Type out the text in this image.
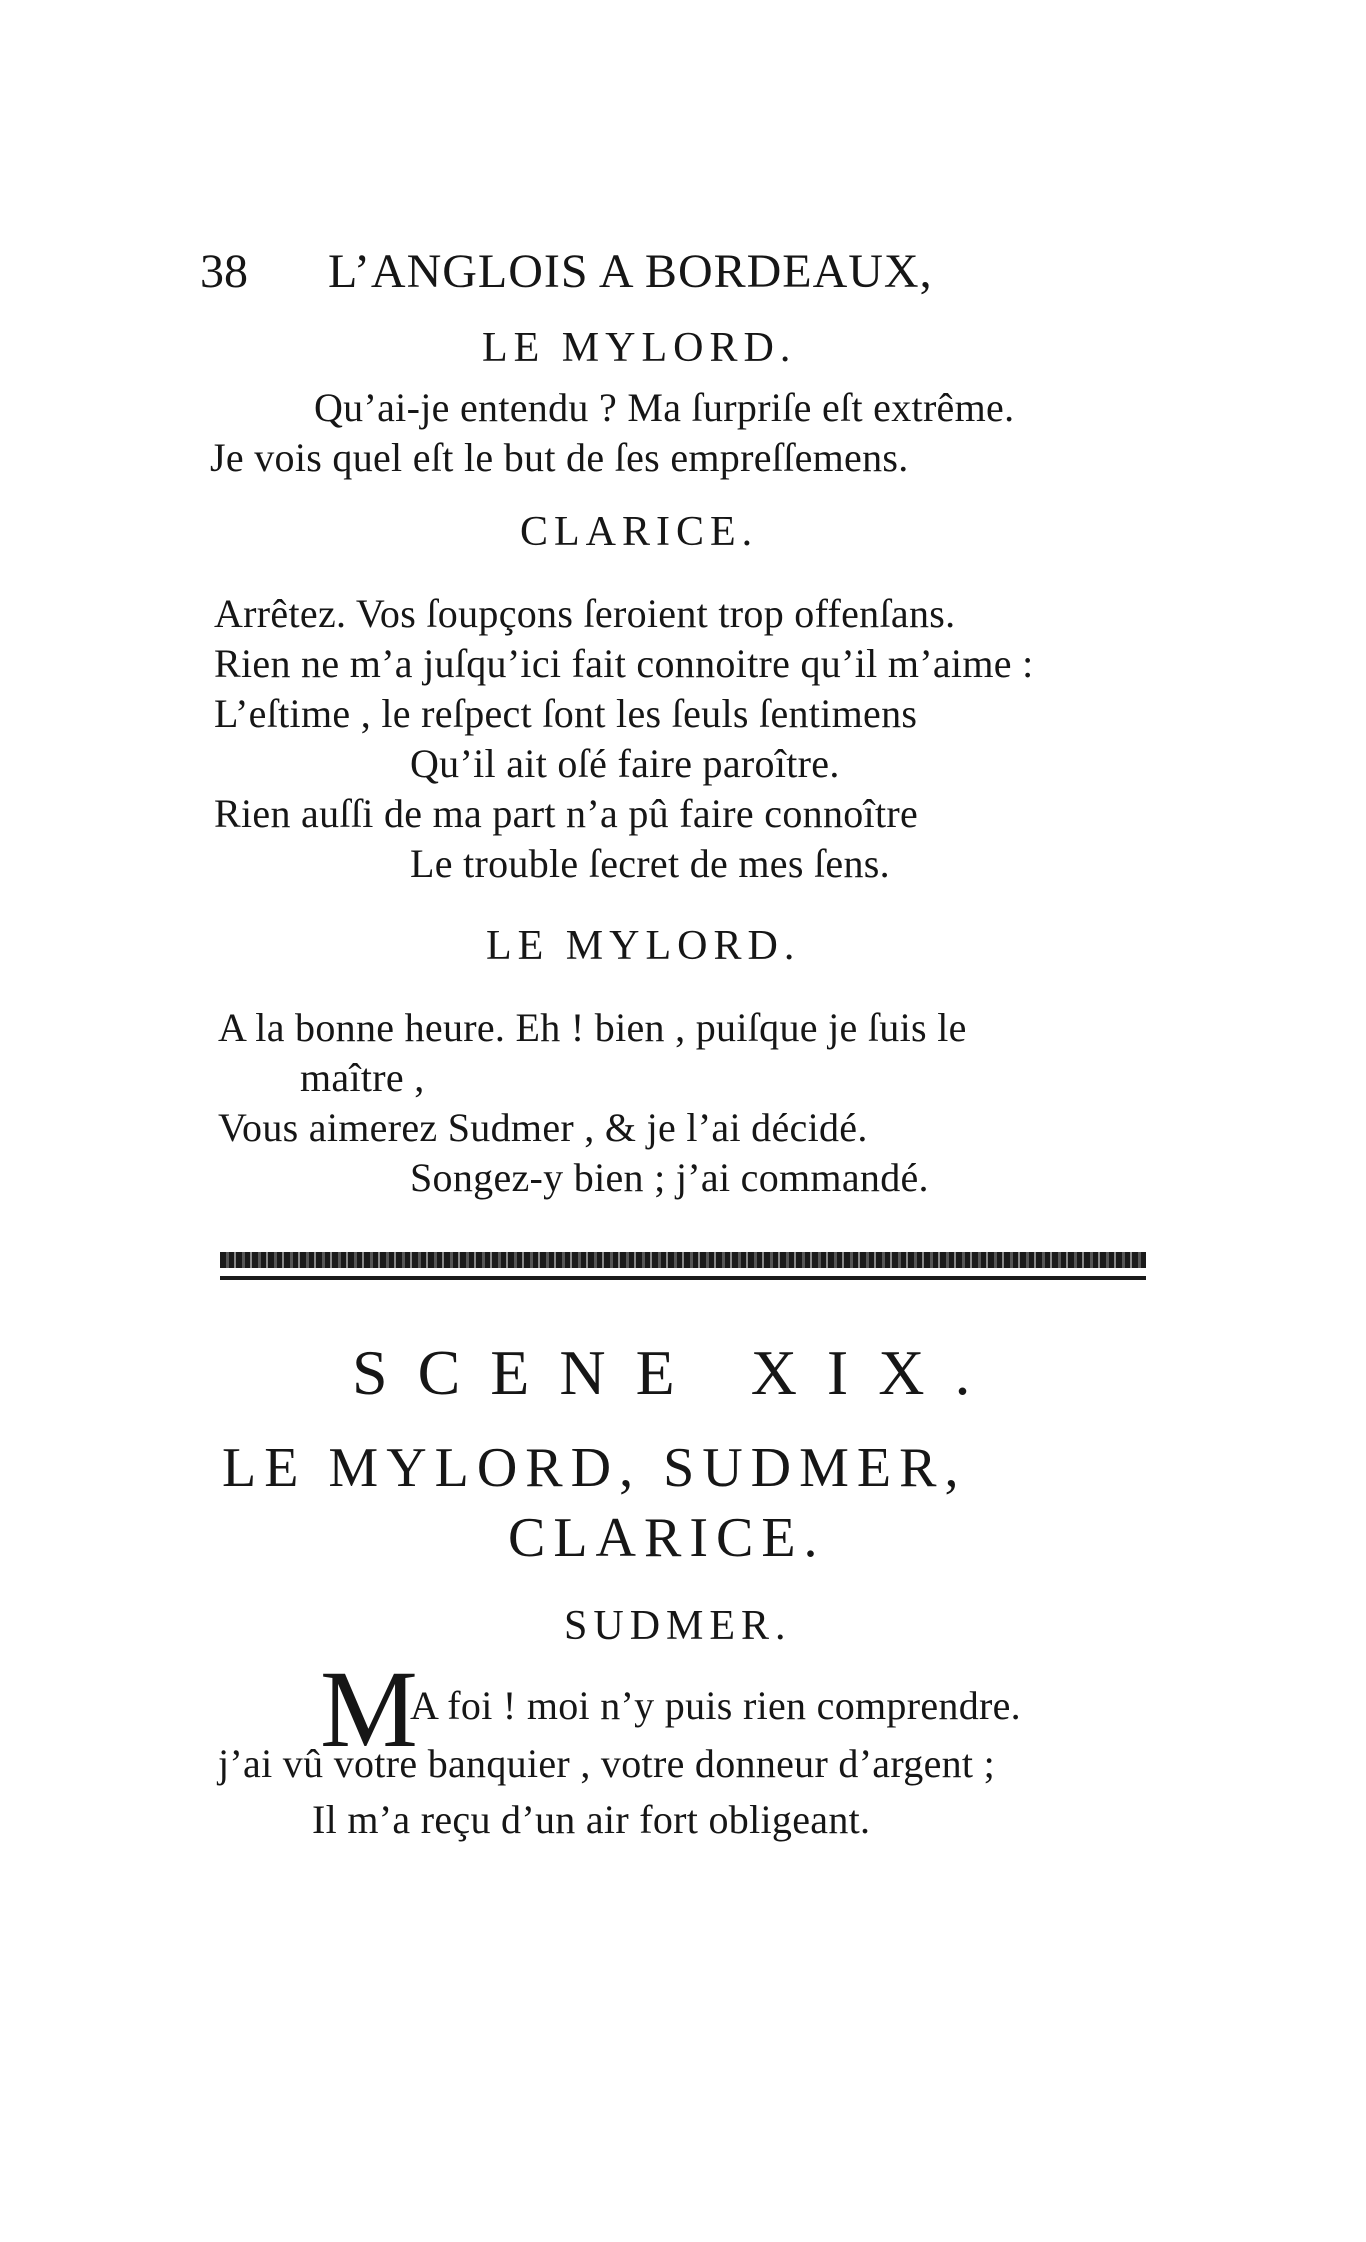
38 L’ANGLOIS A BORDEAUX,
LE MYLORD.
Qu’ai-je entendu ? Ma ſurpriſe eſt extrême.
Je vois quel eſt le but de ſes empreſſemens.
CLARICE.
Arrêtez. Vos ſoupçons ſeroient trop offenſans.
Rien ne m’a juſqu’ici fait connoitre qu’il m’aime :
L’eſtime , le reſpect ſont les ſeuls ſentimens
Qu’il ait oſé faire paroître.
Rien auſſi de ma part n’a pû faire connoître
Le trouble ſecret de mes ſens.
LE MYLORD.
A la bonne heure. Eh ! bien , puiſque je ſuis le
maître ,
Vous aimerez Sudmer , & je l’ai décidé.
Songez-y bien ; j’ai commandé.
SCENE XIX.
LE MYLORD, SUDMER,
CLARICE.
SUDMER.
M
A foi ! moi n’y puis rien comprendre.
j’ai vû votre banquier , votre donneur d’argent ;
Il m’a reçu d’un air fort obligeant.
